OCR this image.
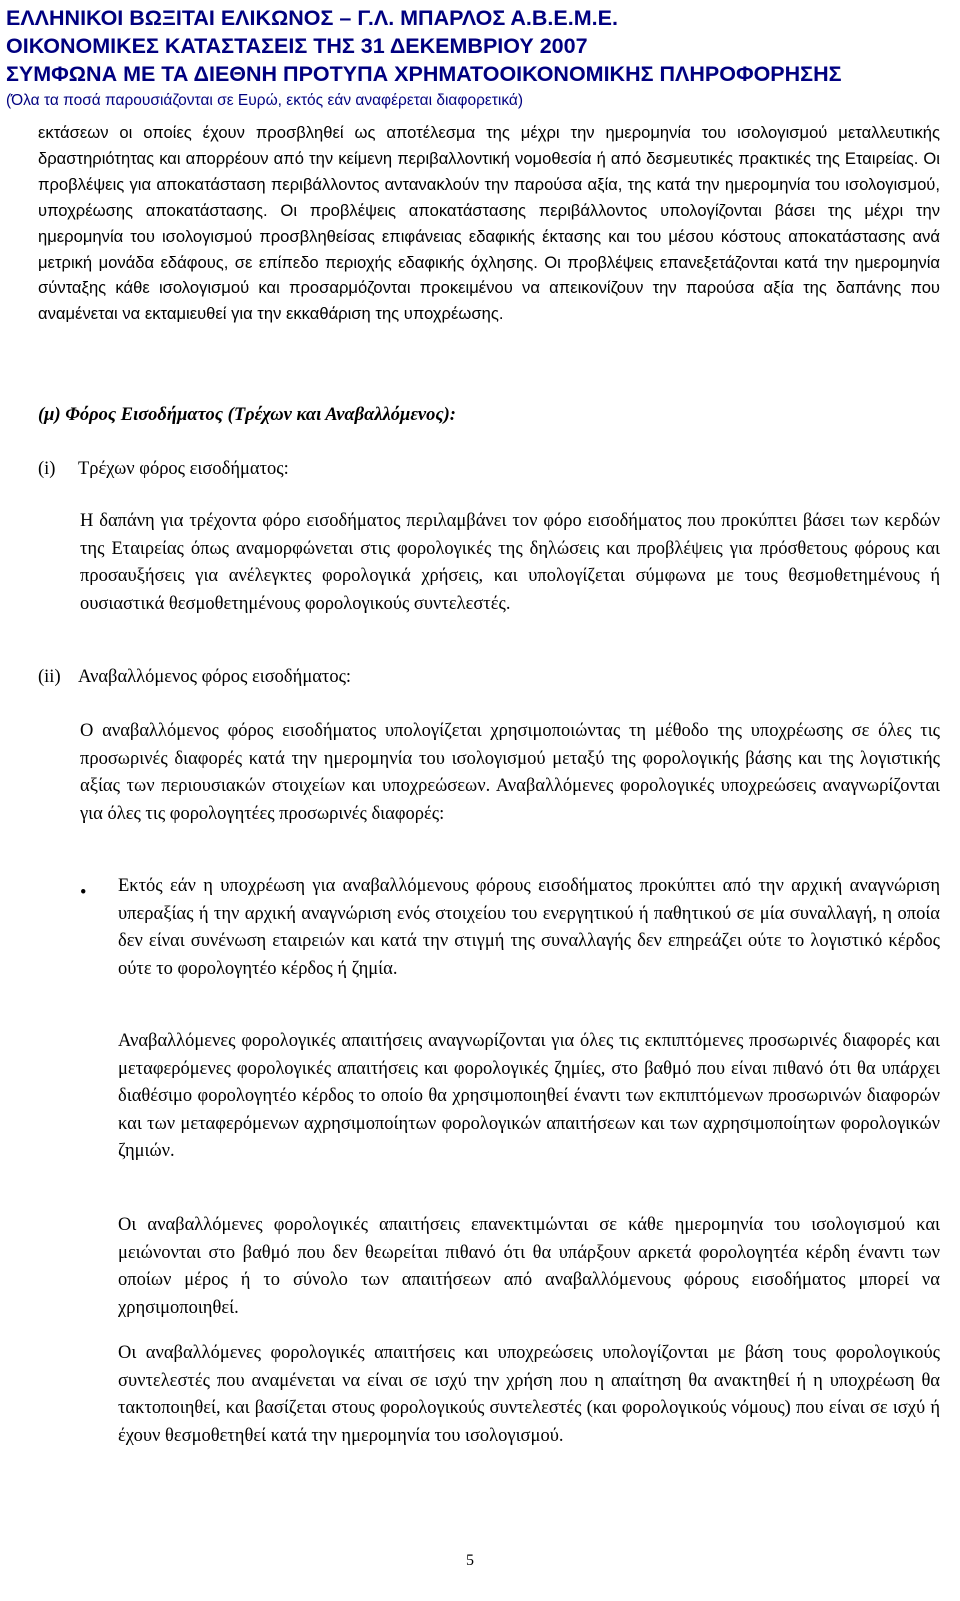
ΕΛΛΗΝΙΚΟΙ ΒΩΞΙΤΑΙ ΕΛΙΚΩΝΟΣ – Γ.Λ. ΜΠΑΡΛΟΣ Α.Β.Ε.Μ.Ε.

ΟΙΚΟΝΟΜΙΚΕΣ ΚΑΤΑΣΤΑΣΕΙΣ ΤΗΣ 31 ΔΕΚΕΜΒΡΙΟΥ 2007

ΣΥΜΦΩΝΑ ΜΕ ΤΑ ΔΙΕΘΝΗ ΠΡΟΤΥΠΑ ΧΡΗΜΑΤΟΟΙΚΟΝΟΜΙΚΗΣ ΠΛΗΡΟΦΟΡΗΣΗΣ

(Όλα τα ποσά παρουσιάζονται σε Ευρώ, εκτός εάν αναφέρεται διαφορετικά)

εκτάσεων οι οποίες έχουν προσβληθεί ως αποτέλεσμα της μέχρι την ημερομηνία του ισολογισμού μεταλλευτικής δραστηριότητας και απορρέουν από την κείμενη περιβαλλοντική νομοθεσία ή από δεσμευτικές πρακτικές της Εταιρείας. Οι προβλέψεις για αποκατάσταση περιβάλλοντος αντανακλούν την παρούσα αξία, της κατά την ημερομηνία του ισολογισμού, υποχρέωσης αποκατάστασης. Οι προβλέψεις αποκατάστασης περιβάλλοντος υπολογίζονται βάσει της μέχρι την ημερομηνία του ισολογισμού προσβληθείσας επιφάνειας εδαφικής έκτασης και του μέσου κόστους αποκατάστασης ανά μετρική μονάδα εδάφους, σε επίπεδο περιοχής εδαφικής όχλησης. Οι προβλέψεις επανεξετάζονται κατά την ημερομηνία σύνταξης κάθε ισολογισμού και προσαρμόζονται προκειμένου να απεικονίζουν την παρούσα αξία της δαπάνης που αναμένεται να εκταμιευθεί για την εκκαθάριση της υποχρέωσης.

(μ) Φόρος Εισοδήματος (Τρέχων και Αναβαλλόμενος):

(i) Τρέχων φόρος εισοδήματος:

Η δαπάνη για τρέχοντα φόρο εισοδήματος περιλαμβάνει τον φόρο εισοδήματος που προκύπτει βάσει των κερδών της Εταιρείας όπως αναμορφώνεται στις φορολογικές της δηλώσεις και προβλέψεις για πρόσθετους φόρους και προσαυξήσεις για ανέλεγκτες φορολογικά χρήσεις, και υπολογίζεται σύμφωνα με τους θεσμοθετημένους ή ουσιαστικά θεσμοθετημένους φορολογικούς συντελεστές.

(ii) Αναβαλλόμενος φόρος εισοδήματος:

Ο αναβαλλόμενος φόρος εισοδήματος υπολογίζεται χρησιμοποιώντας τη μέθοδο της υποχρέωσης σε όλες τις προσωρινές διαφορές κατά την ημερομηνία του ισολογισμού μεταξύ της φορολογικής βάσης και της λογιστικής αξίας των περιουσιακών στοιχείων και υποχρεώσεων. Αναβαλλόμενες φορολογικές υποχρεώσεις αναγνωρίζονται για όλες τις φορολογητέες προσωρινές διαφορές:

• Εκτός εάν η υποχρέωση για αναβαλλόμενους φόρους εισοδήματος προκύπτει από την αρχική αναγνώριση υπεραξίας ή την αρχική αναγνώριση ενός στοιχείου του ενεργητικού ή παθητικού σε μία συναλλαγή, η οποία δεν είναι συνένωση εταιρειών και κατά την στιγμή της συναλλαγής δεν επηρεάζει ούτε το λογιστικό κέρδος ούτε το φορολογητέο κέρδος ή ζημία.

Αναβαλλόμενες φορολογικές απαιτήσεις αναγνωρίζονται για όλες τις εκπιπτόμενες προσωρινές διαφορές και μεταφερόμενες φορολογικές απαιτήσεις και φορολογικές ζημίες, στο βαθμό που είναι πιθανό ότι θα υπάρχει διαθέσιμο φορολογητέο κέρδος το οποίο θα χρησιμοποιηθεί έναντι των εκπιπτόμενων προσωρινών διαφορών και των μεταφερόμενων αχρησιμοποίητων φορολογικών απαιτήσεων και των αχρησιμοποίητων φορολογικών ζημιών.

Οι αναβαλλόμενες φορολογικές απαιτήσεις επανεκτιμώνται σε κάθε ημερομηνία του ισολογισμού και μειώνονται στο βαθμό που δεν θεωρείται πιθανό ότι θα υπάρξουν αρκετά φορολογητέα κέρδη έναντι των οποίων μέρος ή το σύνολο των απαιτήσεων από αναβαλλόμενους φόρους εισοδήματος μπορεί να χρησιμοποιηθεί.

Οι αναβαλλόμενες φορολογικές απαιτήσεις και υποχρεώσεις υπολογίζονται με βάση τους φορολογικούς συντελεστές που αναμένεται να είναι σε ισχύ την χρήση που η απαίτηση θα ανακτηθεί ή η υποχρέωση θα τακτοποιηθεί, και βασίζεται στους φορολογικούς συντελεστές (και φορολογικούς νόμους) που είναι σε ισχύ ή έχουν θεσμοθετηθεί κατά την ημερομηνία του ισολογισμού.

5
